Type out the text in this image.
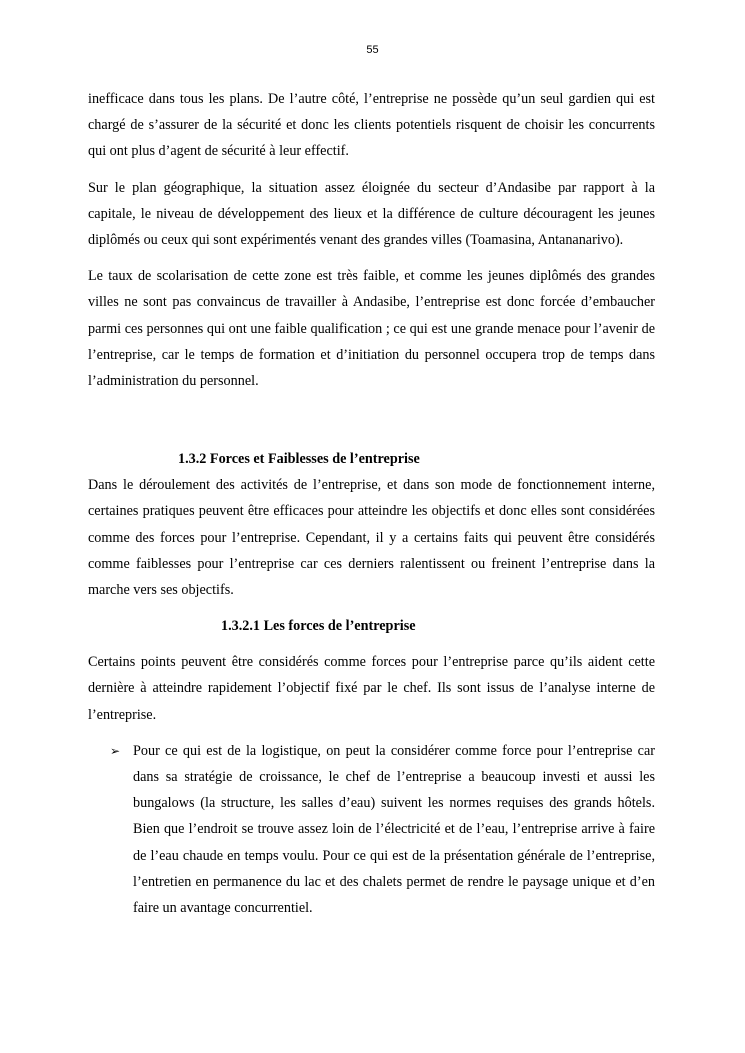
55

inefficace dans tous les plans. De l’autre côté, l’entreprise ne possède qu’un seul gardien qui est chargé de s’assurer de la sécurité et donc les clients potentiels risquent de choisir les concurrents qui ont plus d’agent de sécurité à leur effectif.

Sur le plan géographique, la situation assez éloignée du secteur d’Andasibe par rapport à la capitale, le niveau de développement des lieux et la différence de culture découragent les jeunes diplômés ou ceux qui sont expérimentés venant des grandes villes (Toamasina, Antananarivo).

Le taux de scolarisation de cette zone est très faible, et comme les jeunes diplômés des grandes villes ne sont pas convaincus de travailler à Andasibe, l’entreprise est donc forcée d’embaucher parmi ces personnes qui ont une faible qualification ; ce qui est une grande menace pour l’avenir de l’entreprise, car le temps de formation et d’initiation du personnel occupera trop de temps dans l’administration du personnel.

1.3.2 Forces et Faiblesses de l’entreprise

Dans le déroulement des activités de l’entreprise, et dans son mode de fonctionnement interne, certaines pratiques peuvent être efficaces pour atteindre les objectifs et donc elles sont considérées comme des forces pour l’entreprise. Cependant, il y a certains faits qui peuvent être considérés comme faiblesses pour l’entreprise car ces derniers ralentissent ou freinent l’entreprise dans la marche vers ses objectifs.

1.3.2.1 Les forces de l’entreprise

Certains points peuvent être considérés comme forces pour l’entreprise parce qu’ils aident cette dernière à atteindre rapidement l’objectif fixé par le chef. Ils sont issus de l’analyse interne de l’entreprise.

➢ Pour ce qui est de la logistique, on peut la considérer comme force pour l’entreprise car dans sa stratégie de croissance, le chef de l’entreprise a beaucoup investi et aussi les bungalows (la structure, les salles d’eau) suivent les normes requises des grands hôtels. Bien que l’endroit se trouve assez loin de l’électricité et de l’eau, l’entreprise arrive à faire de l’eau chaude en temps voulu. Pour ce qui est de la présentation générale de l’entreprise, l’entretien en permanence du lac et des chalets permet de rendre le paysage unique et d’en faire un avantage concurrentiel.
